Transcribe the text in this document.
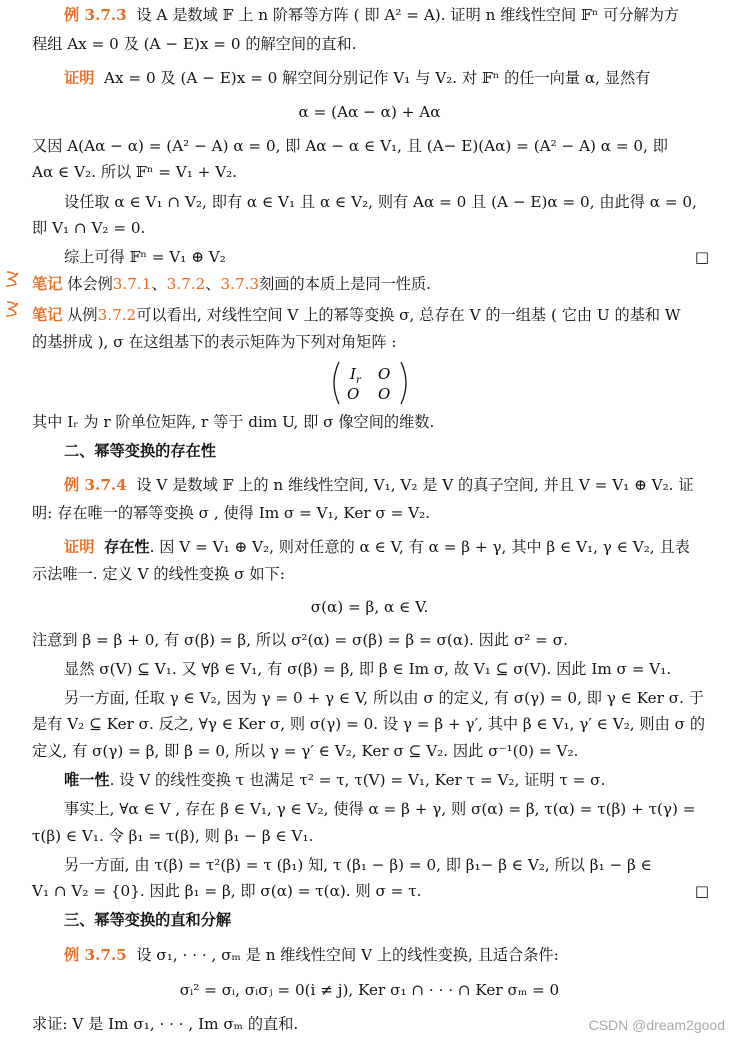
例 3.7.3 设 A 是数域 𝔽 上 n 阶幂等方阵 ( 即 A² = A). 证明 n 维线性空间 𝔽ⁿ 可分解为方
程组 Ax = 0 及 (A − E)x = 0 的解空间的直和.
证明 Ax = 0 及 (A − E)x = 0 解空间分别记作 V₁ 与 V₂. 对 𝔽ⁿ 的任一向量 α, 显然有
α = (Aα − α) + Aα
又因 A(Aα − α) = (A² − A) α = 0, 即 Aα − α ∈ V₁, 且 (A− E)(Aα) = (A² − A) α = 0, 即
Aα ∈ V₂. 所以 𝔽ⁿ = V₁ + V₂.
设任取 α ∈ V₁ ∩ V₂, 即有 α ∈ V₁ 且 α ∈ V₂, 则有 Aα = 0 且 (A − E)α = 0, 由此得 α = 0,
即 V₁ ∩ V₂ = 0.
综上可得 𝔽ⁿ = V₁ ⊕ V₂	□
笔记 体会例3.7.1、3.7.2、3.7.3刻画的本质上是同一性质.
笔记 从例3.7.2可以看出, 对线性空间 V 上的幂等变换 σ, 总存在 V 的一组基 ( 它由 U 的基和 W
的基拼成 ), σ 在这组基下的表示矩阵为下列对角矩阵 :
I r O
O O
其中 Iᵣ 为 r 阶单位矩阵, r 等于 dim U, 即 σ 像空间的维数.
二、幂等变换的存在性
例 3.7.4 设 V 是数域 𝔽 上的 n 维线性空间, V₁, V₂ 是 V 的真子空间, 并且 V = V₁ ⊕ V₂. 证
明: 存在唯一的幂等变换 σ , 使得 Im σ = V₁, Ker σ = V₂.
证明 存在性. 因 V = V₁ ⊕ V₂, 则对任意的 α ∈ V, 有 α = β + γ, 其中 β ∈ V₁, γ ∈ V₂, 且表
示法唯一. 定义 V 的线性变换 σ 如下:
σ(α) = β, α ∈ V.
注意到 β = β + 0, 有 σ(β) = β, 所以 σ²(α) = σ(β) = β = σ(α). 因此 σ² = σ.
显然 σ(V) ⊆ V₁. 又 ∀β ∈ V₁, 有 σ(β) = β, 即 β ∈ Im σ, 故 V₁ ⊆ σ(V). 因此 Im σ = V₁.
另一方面, 任取 γ ∈ V₂, 因为 γ = 0 + γ ∈ V, 所以由 σ 的定义, 有 σ(γ) = 0, 即 γ ∈ Ker σ. 于
是有 V₂ ⊆ Ker σ. 反之, ∀γ ∈ Ker σ, 则 σ(γ) = 0. 设 γ = β + γ′, 其中 β ∈ V₁, γ′ ∈ V₂, 则由 σ 的
定义, 有 σ(γ) = β, 即 β = 0, 所以 γ = γ′ ∈ V₂, Ker σ ⊆ V₂. 因此 σ⁻¹(0) = V₂.
唯一性. 设 V 的线性变换 τ 也满足 τ² = τ, τ(V) = V₁, Ker τ = V₂, 证明 τ = σ.
事实上, ∀α ∈ V , 存在 β ∈ V₁, γ ∈ V₂, 使得 α = β + γ, 则 σ(α) = β, τ(α) = τ(β) + τ(γ) =
τ(β) ∈ V₁. 令 β₁ = τ(β), 则 β₁ − β ∈ V₁.
另一方面, 由 τ(β) = τ²(β) = τ (β₁) 知, τ (β₁ − β) = 0, 即 β₁− β ∈ V₂, 所以 β₁ − β ∈
V₁ ∩ V₂ = {0}. 因此 β₁ = β, 即 σ(α) = τ(α). 则 σ = τ.	□
三、幂等变换的直和分解
例 3.7.5 设 σ₁, · · · , σₘ 是 n 维线性空间 V 上的线性变换, 且适合条件:
σᵢ² = σᵢ, σᵢσⱼ = 0(i ≠ j), Ker σ₁ ∩ · · · ∩ Ker σₘ = 0
求证: V 是 Im σ₁, · · · , Im σₘ 的直和.	CSDN @dream2good
